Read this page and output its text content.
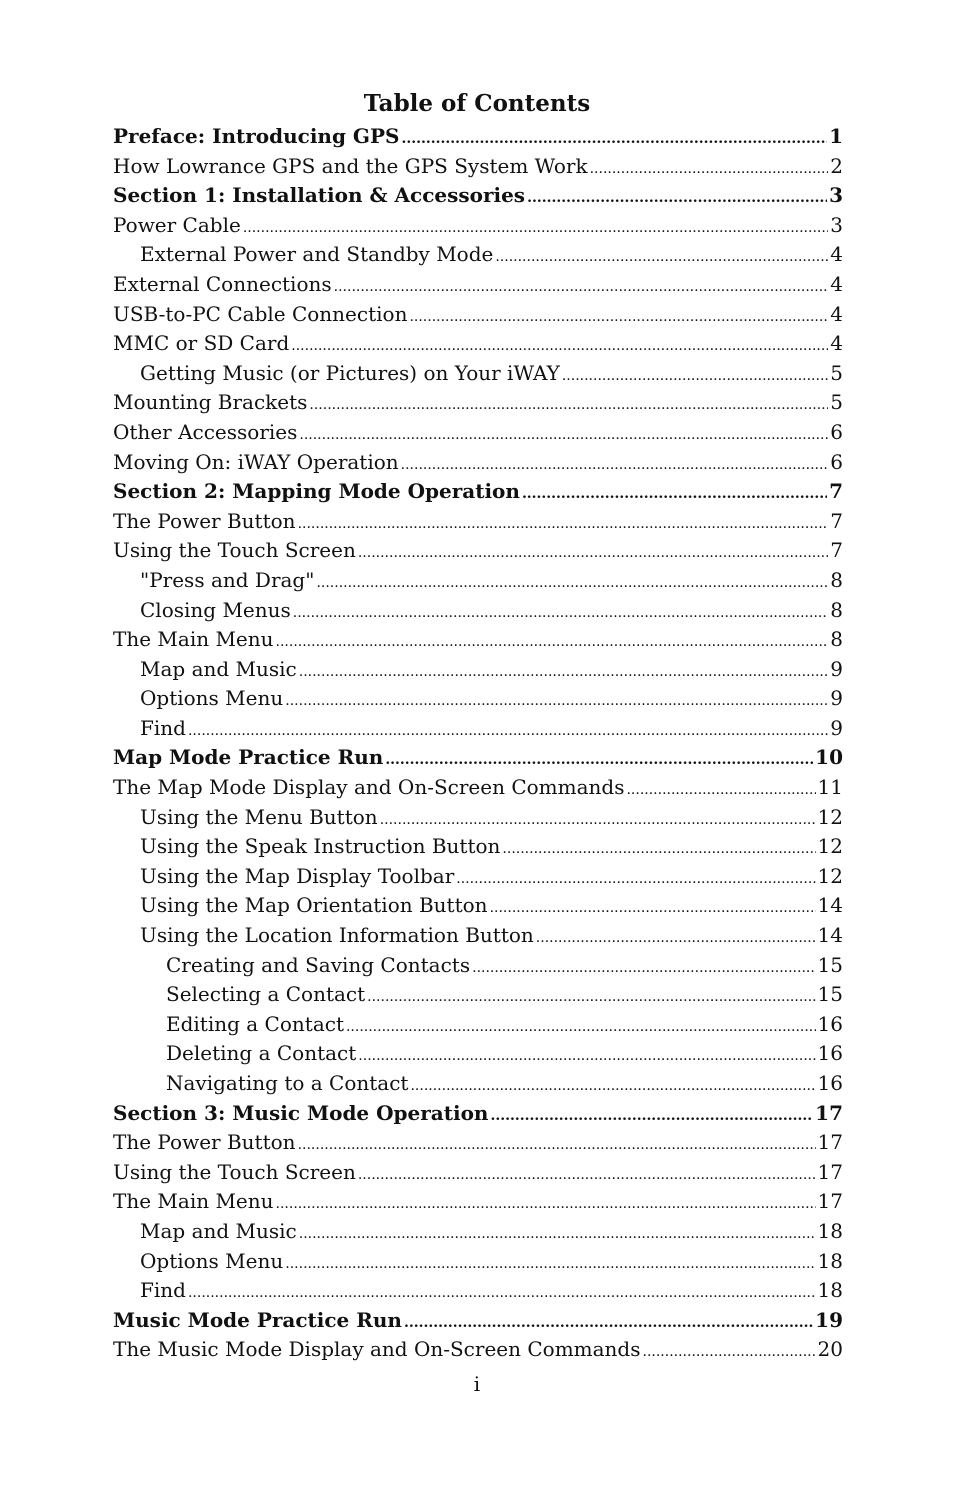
Table of Contents
Preface: Introducing GPS .....	1
How Lowrance GPS and the GPS System Work .....	2
Section 1: Installation & Accessories .....	3
Power Cable .....	3
External Power and Standby Mode .....	4
External Connections .....	4
USB-to-PC Cable Connection .....	4
MMC or SD Card .....	4
Getting Music (or Pictures) on Your iWAY .....	5
Mounting Brackets .....	5
Other Accessories .....	6
Moving On: iWAY Operation .....	6
Section 2: Mapping Mode Operation .....	7
The Power Button .....	7
Using the Touch Screen .....	7
"Press and Drag" .....	8
Closing Menus .....	8
The Main Menu .....	8
Map and Music .....	9
Options Menu .....	9
Find .....	9
Map Mode Practice Run .....	10
The Map Mode Display and On-Screen Commands .....	11
Using the Menu Button .....	12
Using the Speak Instruction Button .....	12
Using the Map Display Toolbar .....	12
Using the Map Orientation Button .....	14
Using the Location Information Button .....	14
Creating and Saving Contacts .....	15
Selecting a Contact .....	15
Editing a Contact .....	16
Deleting a Contact .....	16
Navigating to a Contact .....	16
Section 3: Music Mode Operation .....	17
The Power Button .....	17
Using the Touch Screen .....	17
The Main Menu .....	17
Map and Music .....	18
Options Menu .....	18
Find .....	18
Music Mode Practice Run .....	19
The Music Mode Display and On-Screen Commands .....	20
i
